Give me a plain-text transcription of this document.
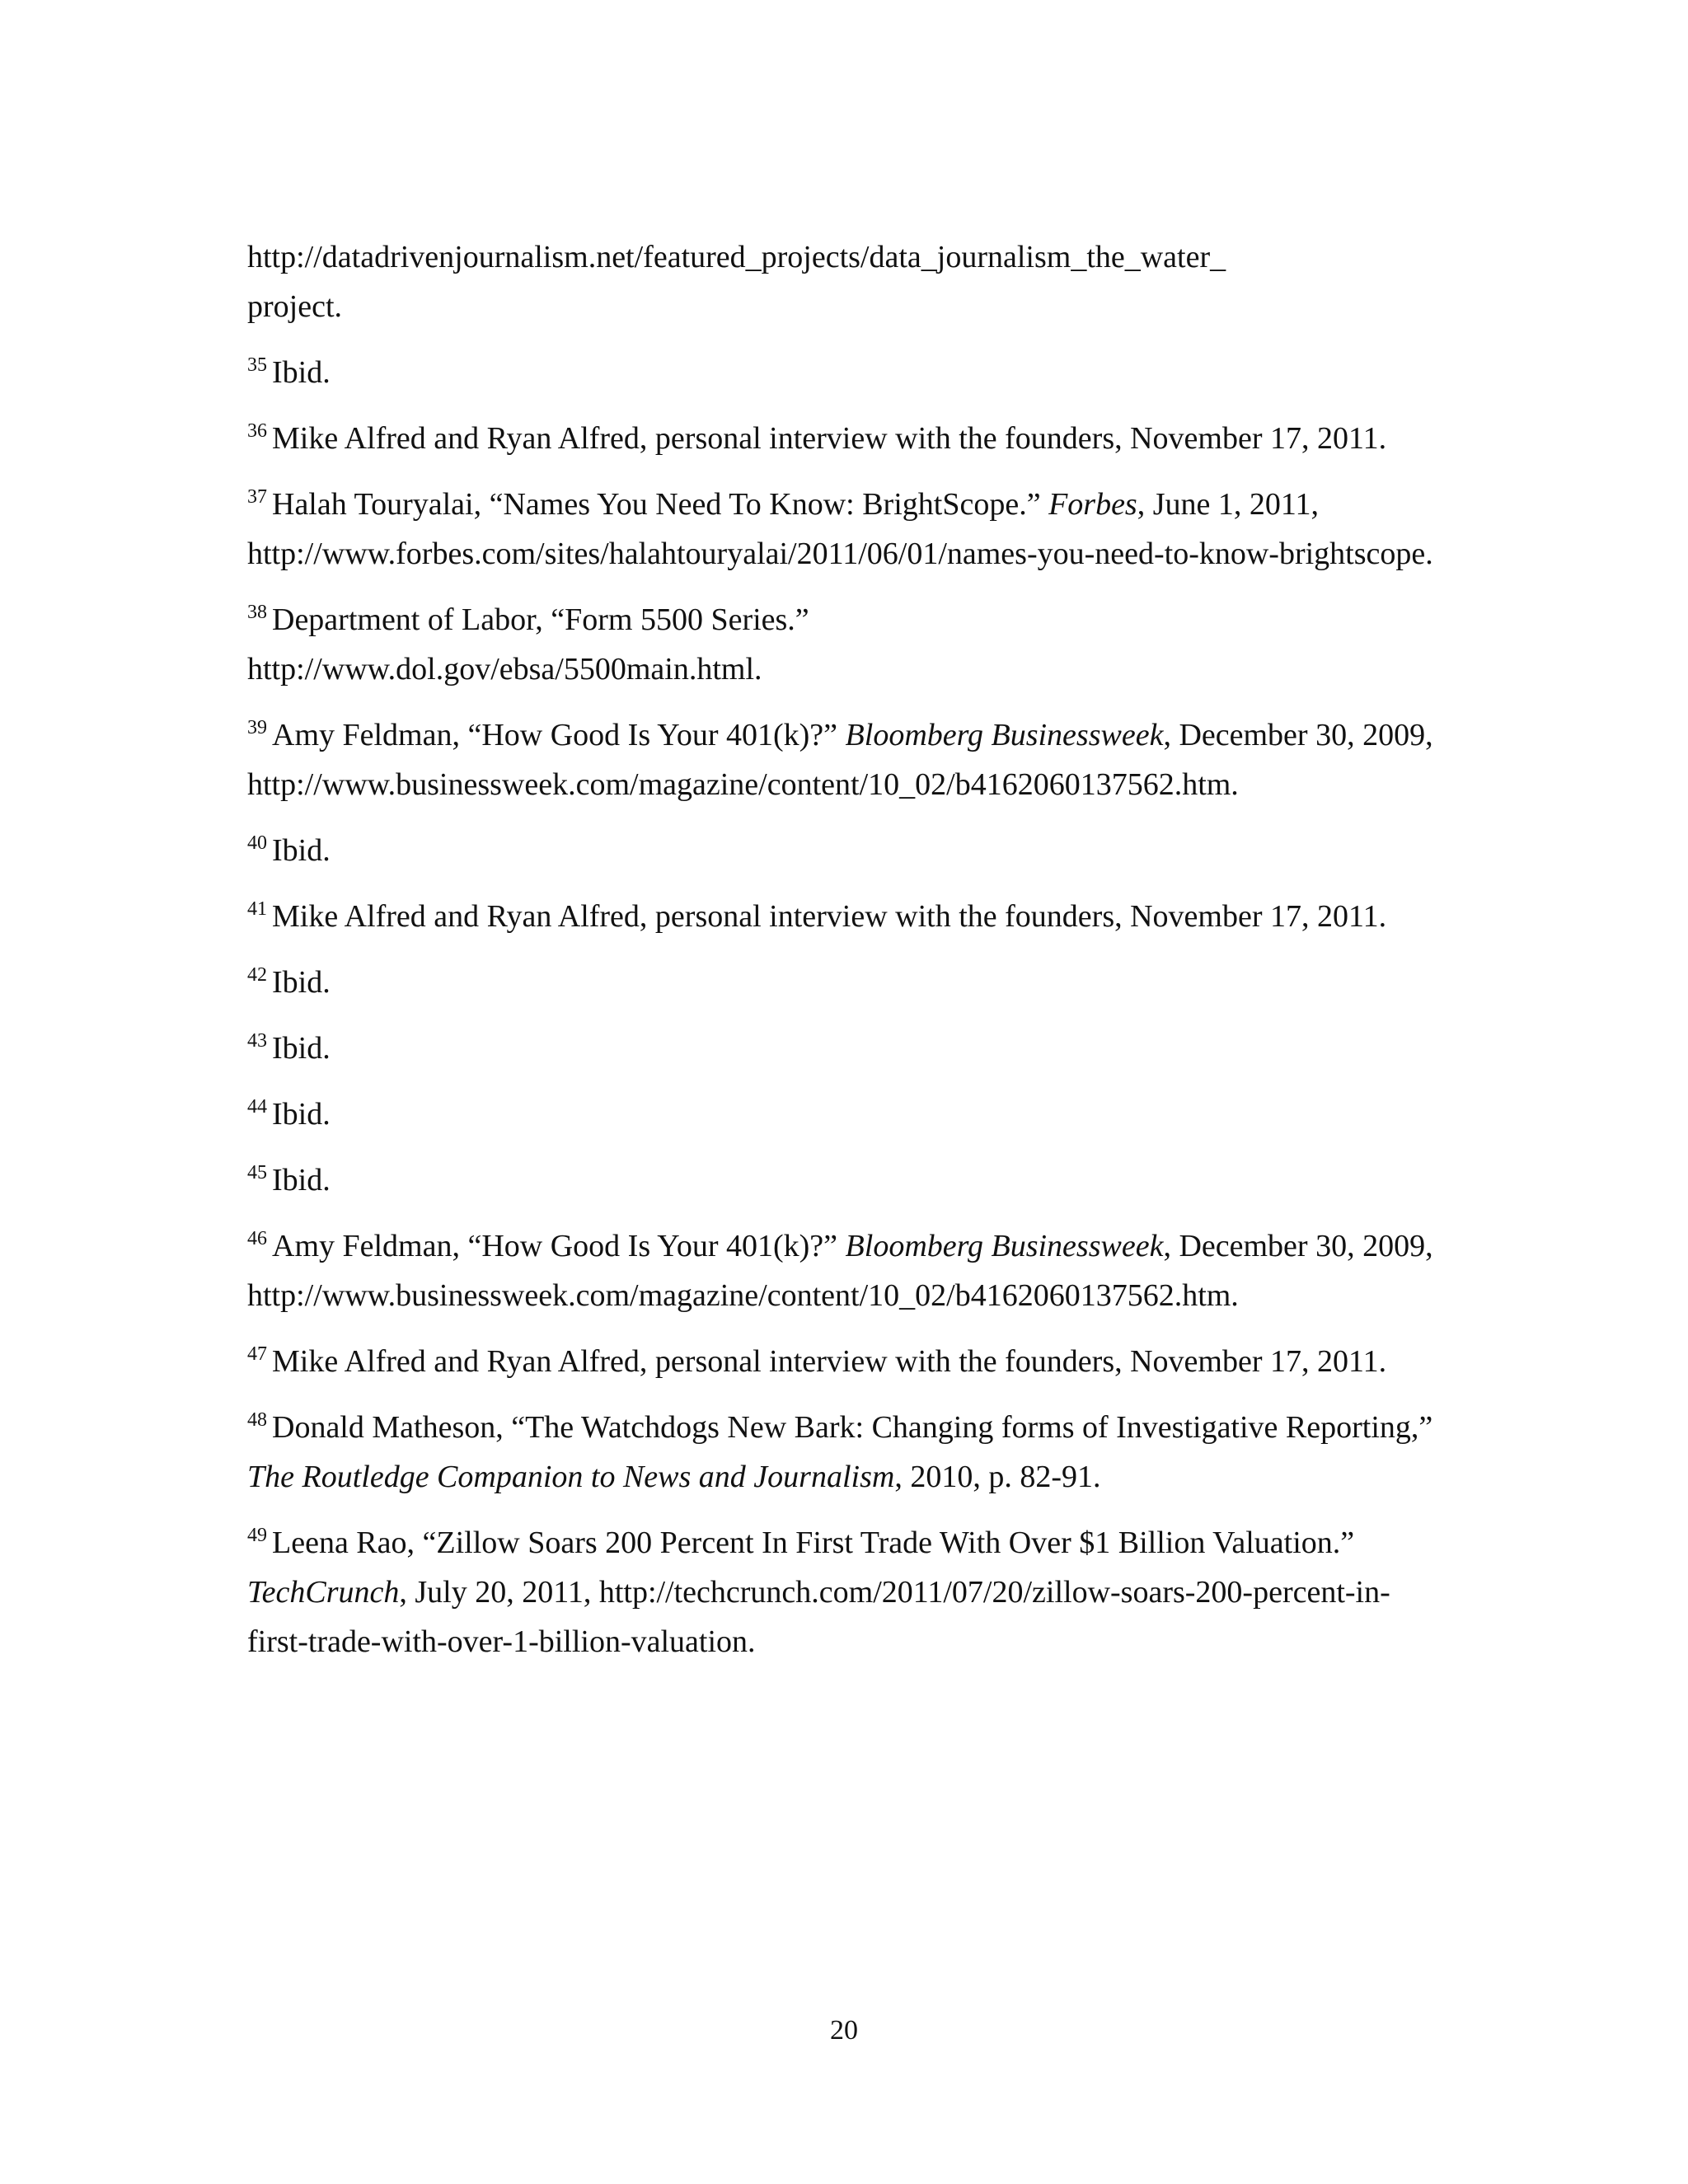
http://datadrivenjournalism.net/featured_projects/data_journalism_the_water_
project.

$^{35}$ Ibid.

$^{36}$ Mike Alfred and Ryan Alfred, personal interview with the founders, November 17, 2011.

$^{37}$ Halah Touryalai, “Names You Need To Know: BrightScope.” Forbes, June 1, 2011, http://www.forbes.com/sites/halahtouryalai/2011/06/01/names-you-need-to-know-brightscope.

$^{38}$ Department of Labor, “Form 5500 Series.”
http://www.dol.gov/ebsa/5500main.html.

$^{39}$ Amy Feldman, “How Good Is Your 401(k)?” Bloomberg Businessweek, December 30, 2009, http://www.businessweek.com/magazine/content/10_02/b4162060137562.htm.

$^{40}$ Ibid.

$^{41}$ Mike Alfred and Ryan Alfred, personal interview with the founders, November 17, 2011.

$^{42}$ Ibid.

$^{43}$ Ibid.

$^{44}$ Ibid.

$^{45}$ Ibid.

$^{46}$ Amy Feldman, “How Good Is Your 401(k)?” Bloomberg Businessweek, December 30, 2009, http://www.businessweek.com/magazine/content/10_02/b4162060137562.htm.

$^{47}$ Mike Alfred and Ryan Alfred, personal interview with the founders, November 17, 2011.

$^{48}$ Donald Matheson, “The Watchdogs New Bark: Changing forms of Investigative Reporting,” The Routledge Companion to News and Journalism, 2010, p. 82-91.

$^{49}$ Leena Rao, “Zillow Soars 200 Percent In First Trade With Over $1 Billion Valuation.” TechCrunch, July 20, 2011, http://techcrunch.com/2011/07/20/zillow-soars-200-percent-in-first-trade-with-over-1-billion-valuation.

20
